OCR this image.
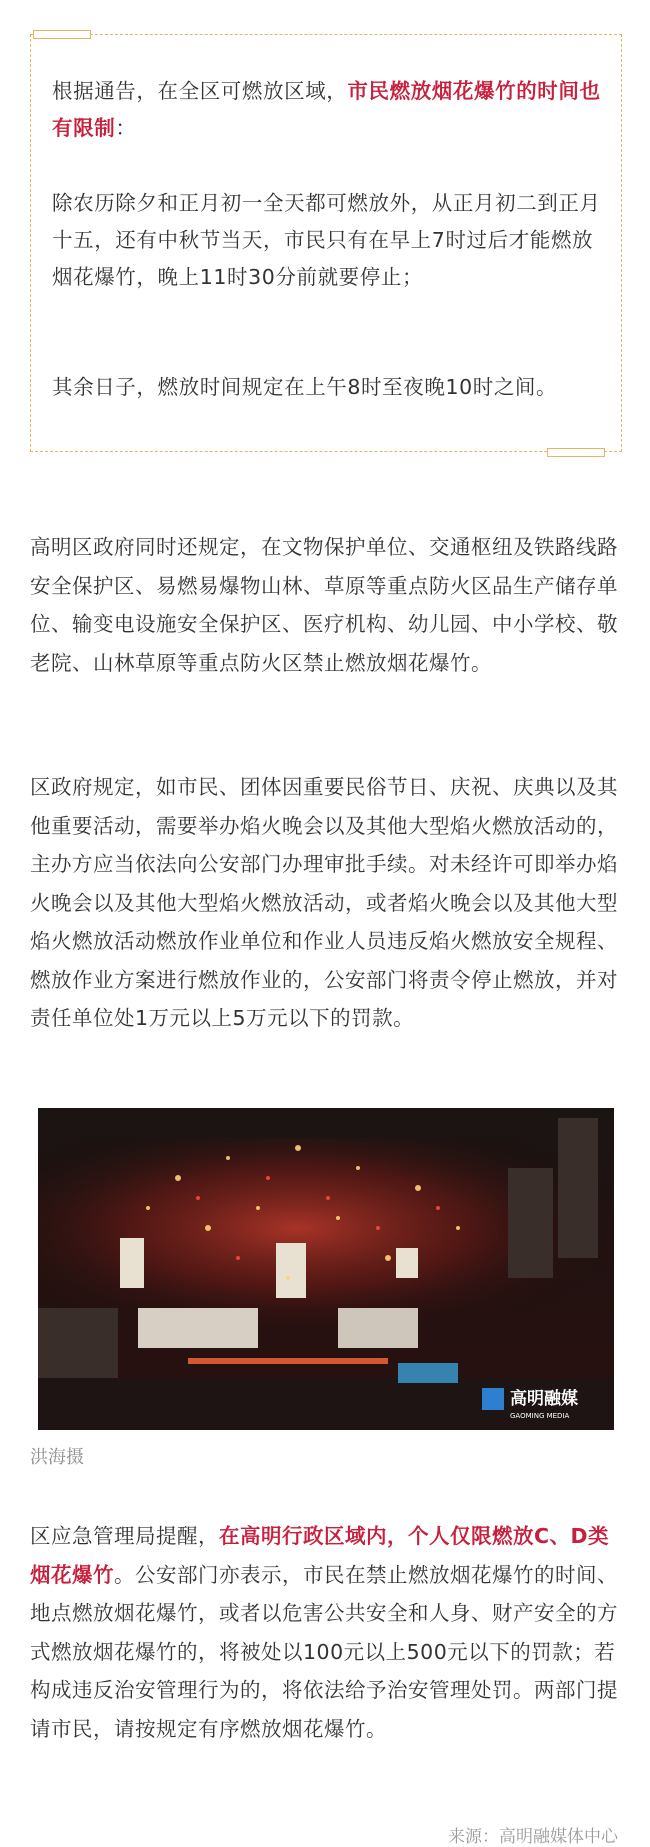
根据通告，在全区可燃放区域，市民燃放烟花爆竹的时间也有限制：

除农历除夕和正月初一全天都可燃放外，从正月初二到正月十五，还有中秋节当天，市民只有在早上7时过后才能燃放烟花爆竹，晚上11时30分前就要停止；

其余日子，燃放时间规定在上午8时至夜晚10时之间。

高明区政府同时还规定，在文物保护单位、交通枢纽及铁路线路安全保护区、易燃易爆物山林、草原等重点防火区品生产储存单位、输变电设施安全保护区、医疗机构、幼儿园、中小学校、敬老院、山林草原等重点防火区禁止燃放烟花爆竹。

区政府规定，如市民、团体因重要民俗节日、庆祝、庆典以及其他重要活动，需要举办焰火晚会以及其他大型焰火燃放活动的，主办方应当依法向公安部门办理审批手续。对未经许可即举办焰火晚会以及其他大型焰火燃放活动，或者焰火晚会以及其他大型焰火燃放活动燃放作业单位和作业人员违反焰火燃放安全规程、燃放作业方案进行燃放作业的，公安部门将责令停止燃放，并对责任单位处1万元以上5万元以下的罚款。

高明融媒
GAOMING MEDIA
洪海摄

区应急管理局提醒，在高明行政区域内，个人仅限燃放C、D类烟花爆竹。公安部门亦表示，市民在禁止燃放烟花爆竹的时间、地点燃放烟花爆竹，或者以危害公共安全和人身、财产安全的方式燃放烟花爆竹的，将被处以100元以上500元以下的罚款；若构成违反治安管理行为的，将依法给予治安管理处罚。两部门提请市民，请按规定有序燃放烟花爆竹。

来源：高明融媒体中心
